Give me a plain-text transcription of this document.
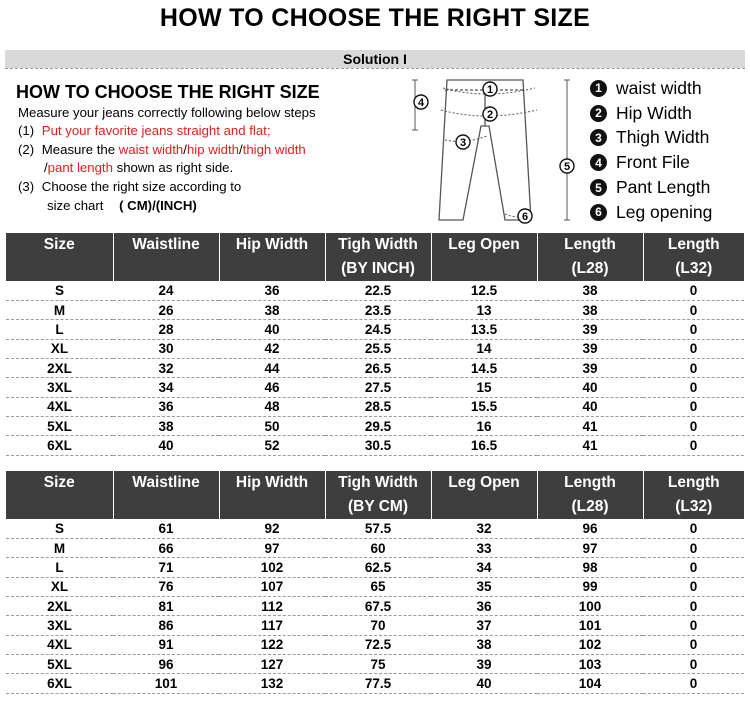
HOW TO CHOOSE THE RIGHT SIZE
Solution I
HOW TO CHOOSE THE RIGHT SIZE
Measure your jeans correctly following below steps
(1) Put your favorite jeans straight and flat;
(2) Measure the waist width/hip width/thigh width
/pant length shown as right side.
(3) Choose the right size according to
size chart ( CM)/(INCH)
1
2
3
4
5
6
1 waist width
2 Hip Width
3 Thigh Width
4 Front File
5 Pant Length
6 Leg opening
Size	Waistline	Hip Width	Tigh Width	Leg Open	Length	Length
			(BY INCH)		(L28)	(L32)
S	24	36	22.5	12.5	38	0
M	26	38	23.5	13	38	0
L	28	40	24.5	13.5	39	0
XL	30	42	25.5	14	39	0
2XL	32	44	26.5	14.5	39	0
3XL	34	46	27.5	15	40	0
4XL	36	48	28.5	15.5	40	0
5XL	38	50	29.5	16	41	0
6XL	40	52	30.5	16.5	41	0
Size	Waistline	Hip Width	Tigh Width	Leg Open	Length	Length
			(BY CM)		(L28)	(L32)
S	61	92	57.5	32	96	0
M	66	97	60	33	97	0
L	71	102	62.5	34	98	0
XL	76	107	65	35	99	0
2XL	81	112	67.5	36	100	0
3XL	86	117	70	37	101	0
4XL	91	122	72.5	38	102	0
5XL	96	127	75	39	103	0
6XL	101	132	77.5	40	104	0
